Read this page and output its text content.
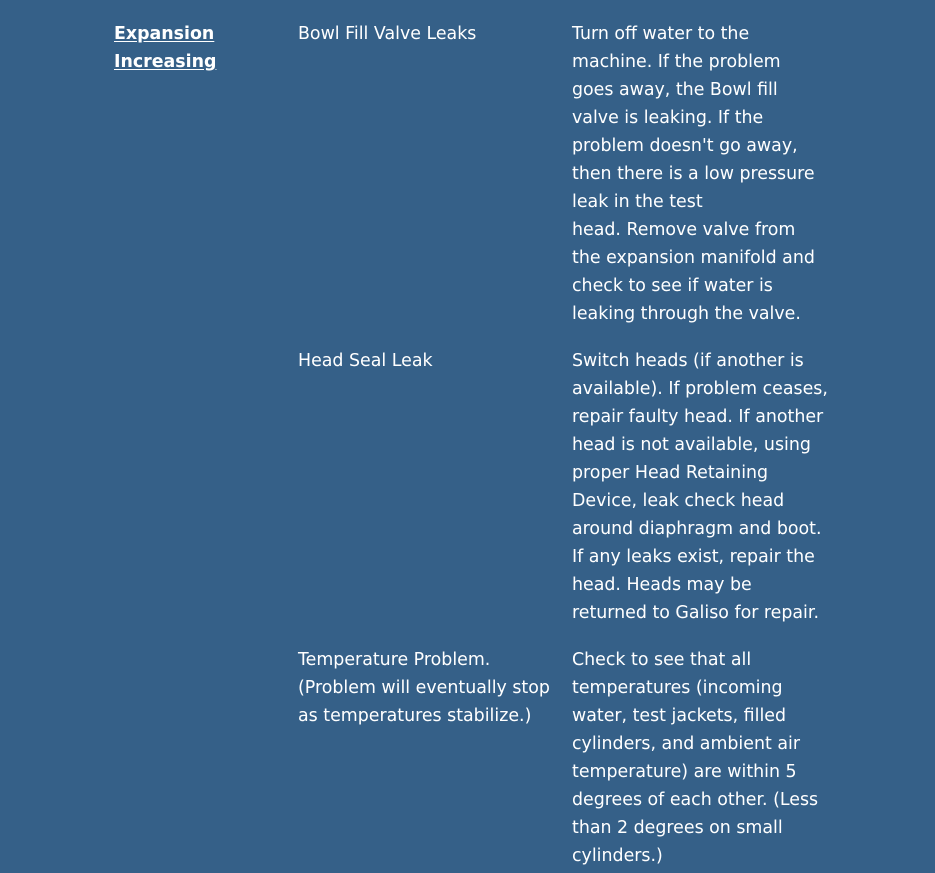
Expansion
Increasing
Bowl Fill Valve Leaks	Turn off water to the
machine. If the problem
goes away, the Bowl fill
valve is leaking. If the
problem doesn't go away,
then there is a low pressure
leak in the test
head. Remove valve from
the expansion manifold and
check to see if water is
leaking through the valve.
Head Seal Leak	Switch heads (if another is
available). If problem ceases,
repair faulty head. If another
head is not available, using
proper Head Retaining
Device, leak check head
around diaphragm and boot.
If any leaks exist, repair the
head. Heads may be
returned to Galiso for repair.
Temperature Problem.
(Problem will eventually stop
as temperatures stabilize.)
Check to see that all
temperatures (incoming
water, test jackets, filled
cylinders, and ambient air
temperature) are within 5
degrees of each other. (Less
than 2 degrees on small
cylinders.)
